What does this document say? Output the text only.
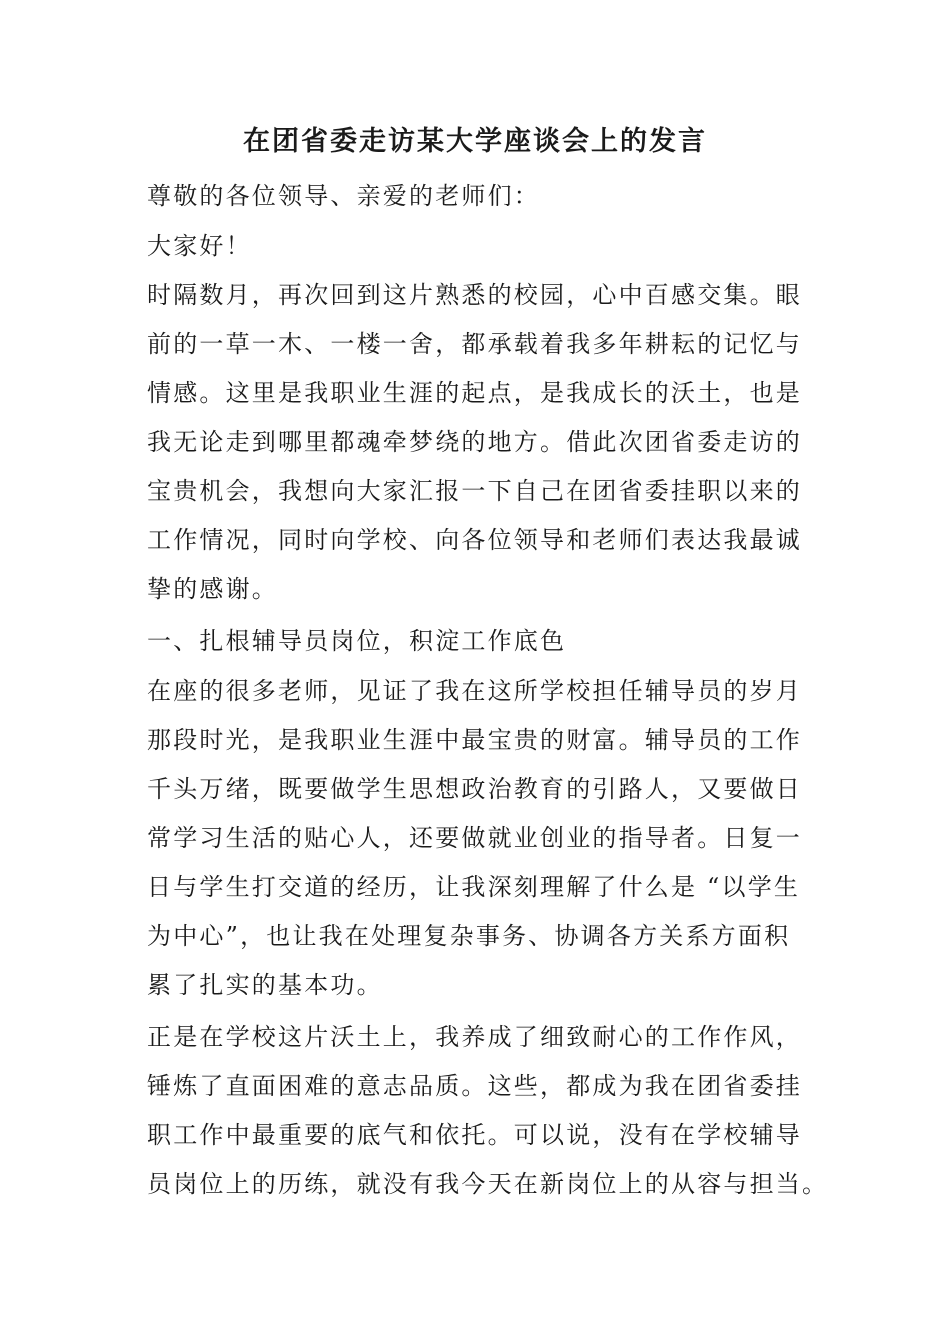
在团省委走访某大学座谈会上的发言

尊敬的各位领导、亲爱的老师们：

大家好！

时隔数月，再次回到这片熟悉的校园，心中百感交集。眼

前的一草一木、一楼一舍，都承载着我多年耕耘的记忆与

情感。这里是我职业生涯的起点，是我成长的沃土，也是

我无论走到哪里都魂牵梦绕的地方。借此次团省委走访的

宝贵机会，我想向大家汇报一下自己在团省委挂职以来的

工作情况，同时向学校、向各位领导和老师们表达我最诚

挚的感谢。

一、扎根辅导员岗位，积淀工作底色

在座的很多老师，见证了我在这所学校担任辅导员的岁月

那段时光，是我职业生涯中最宝贵的财富。辅导员的工作

千头万绪，既要做学生思想政治教育的引路人，又要做日

常学习生活的贴心人，还要做就业创业的指导者。日复一

日与学生打交道的经历，让我深刻理解了什么是 “以学生

为中心”，也让我在处理复杂事务、协调各方关系方面积

累了扎实的基本功。

正是在学校这片沃土上，我养成了细致耐心的工作作风，

锤炼了直面困难的意志品质。这些，都成为我在团省委挂

职工作中最重要的底气和依托。可以说，没有在学校辅导

员岗位上的历练，就没有我今天在新岗位上的从容与担当。
